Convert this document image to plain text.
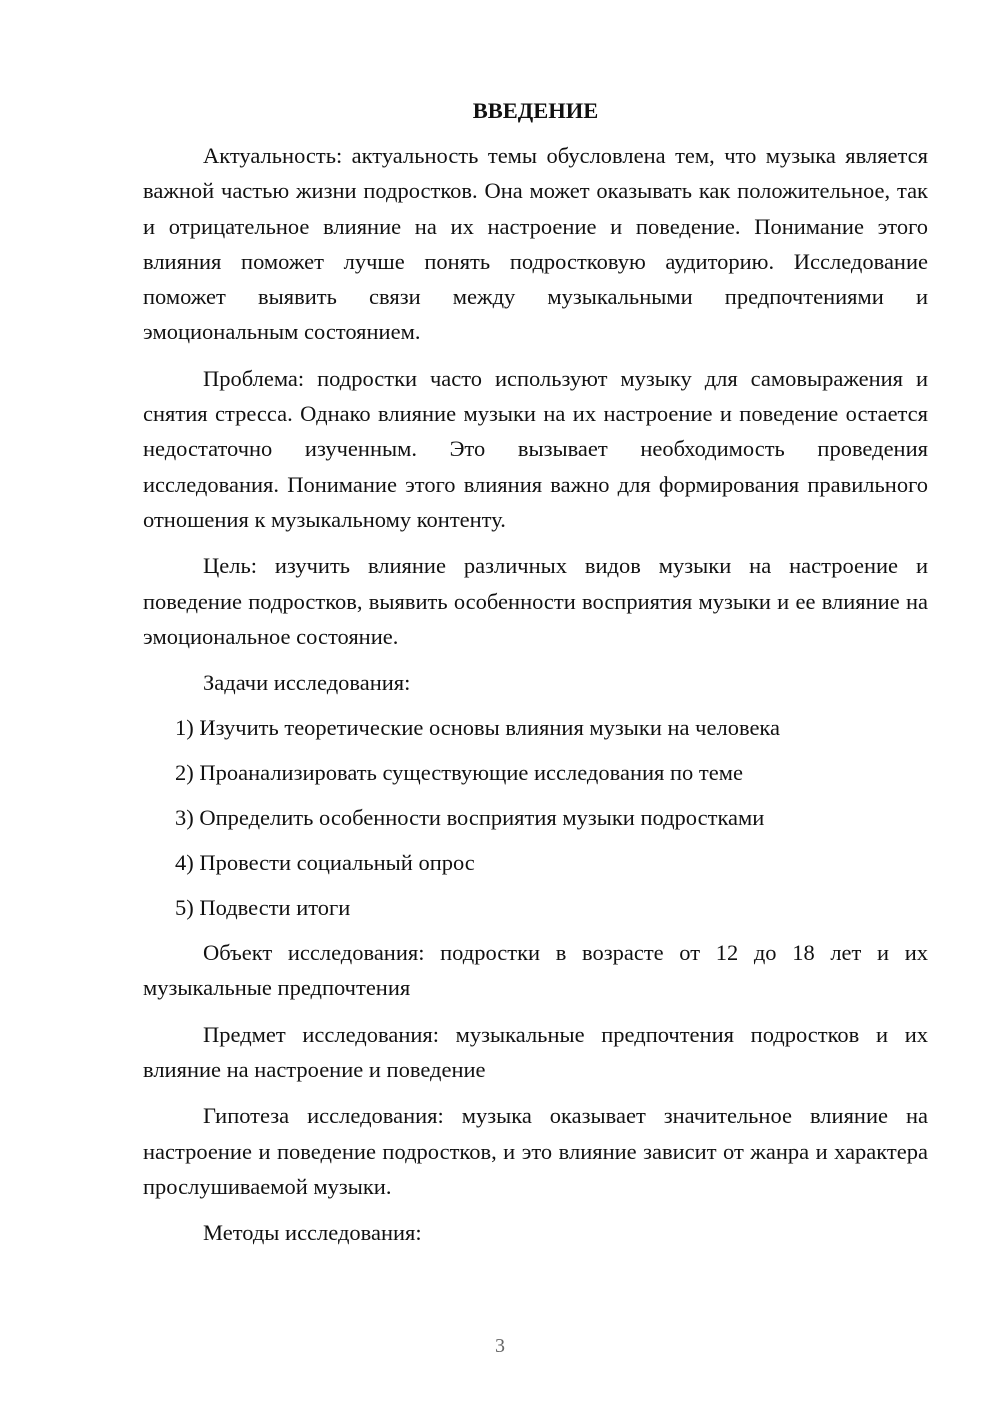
ВВЕДЕНИЕ

Актуальность: актуальность темы обусловлена тем, что музыка является важной частью жизни подростков. Она может оказывать как положительное, так и отрицательное влияние на их настроение и поведение. Понимание этого влияния поможет лучше понять подростковую аудиторию. Исследование поможет выявить связи между музыкальными предпочтениями и эмоциональным состоянием.

Проблема: подростки часто используют музыку для самовыражения и снятия стресса. Однако влияние музыки на их настроение и поведение остается недостаточно изученным. Это вызывает необходимость проведения исследования. Понимание этого влияния важно для формирования правильного отношения к музыкальному контенту.

Цель: изучить влияние различных видов музыки на настроение и поведение подростков, выявить особенности восприятия музыки и ее влияние на эмоциональное состояние.

Задачи исследования:

1) Изучить теоретические основы влияния музыки на человека
2) Проанализировать существующие исследования по теме
3) Определить особенности восприятия музыки подростками
4) Провести социальный опрос
5) Подвести итоги

Объект исследования: подростки в возрасте от 12 до 18 лет и их музыкальные предпочтения

Предмет исследования: музыкальные предпочтения подростков и их влияние на настроение и поведение

Гипотеза исследования: музыка оказывает значительное влияние на настроение и поведение подростков, и это влияние зависит от жанра и характера прослушиваемой музыки.

Методы исследования:

3
